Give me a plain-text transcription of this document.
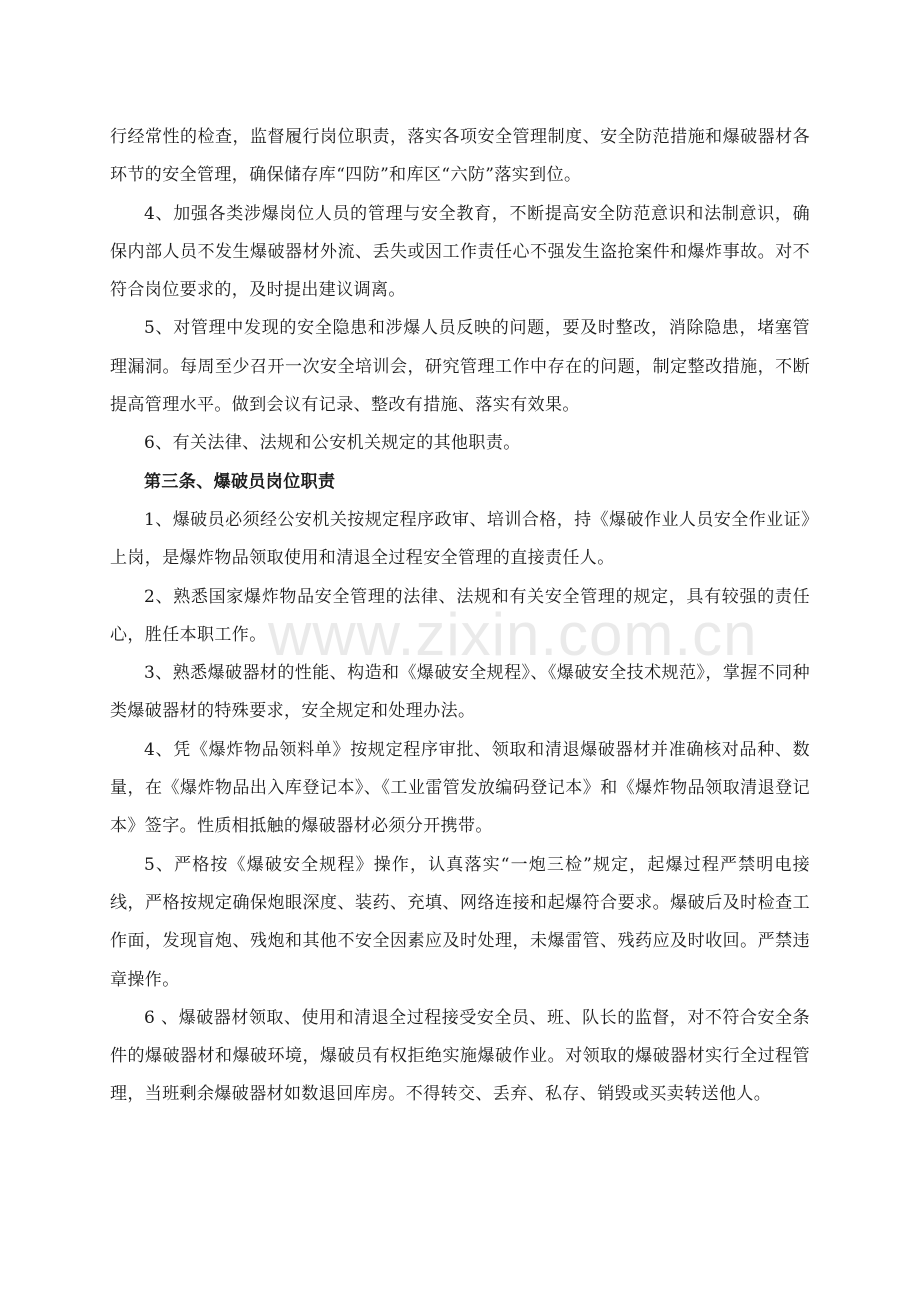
行经常性的检查，监督履行岗位职责，落实各项安全管理制度、安全防范措施和爆破器材各环节的安全管理，确保储存库“四防”和库区“六防”落实到位。

4、加强各类涉爆岗位人员的管理与安全教育，不断提高安全防范意识和法制意识，确保内部人员不发生爆破器材外流、丢失或因工作责任心不强发生盗抢案件和爆炸事故。对不符合岗位要求的，及时提出建议调离。

5、对管理中发现的安全隐患和涉爆人员反映的问题，要及时整改，消除隐患，堵塞管理漏洞。每周至少召开一次安全培训会，研究管理工作中存在的问题，制定整改措施，不断提高管理水平。做到会议有记录、整改有措施、落实有效果。

6、有关法律、法规和公安机关规定的其他职责。

第三条、爆破员岗位职责

1、爆破员必须经公安机关按规定程序政审、培训合格，持《爆破作业人员安全作业证》上岗，是爆炸物品领取使用和清退全过程安全管理的直接责任人。

2、熟悉国家爆炸物品安全管理的法律、法规和有关安全管理的规定，具有较强的责任心，胜任本职工作。

3、熟悉爆破器材的性能、构造和《爆破安全规程》、《爆破安全技术规范》，掌握不同种类爆破器材的特殊要求，安全规定和处理办法。

4、凭《爆炸物品领料单》按规定程序审批、领取和清退爆破器材并准确核对品种、数量，在《爆炸物品出入库登记本》、《工业雷管发放编码登记本》和《爆炸物品领取清退登记本》签字。性质相抵触的爆破器材必须分开携带。

5、严格按《爆破安全规程》操作，认真落实“一炮三检”规定，起爆过程严禁明电接线，严格按规定确保炮眼深度、装药、充填、网络连接和起爆符合要求。爆破后及时检查工作面，发现盲炮、残炮和其他不安全因素应及时处理，未爆雷管、残药应及时收回。严禁违章操作。

6 、爆破器材领取、使用和清退全过程接受安全员、班、队长的监督，对不符合安全条件的爆破器材和爆破环境，爆破员有权拒绝实施爆破作业。对领取的爆破器材实行全过程管理，当班剩余爆破器材如数退回库房。不得转交、丢弃、私存、销毁或买卖转送他人。

www.zixin.com.cn
